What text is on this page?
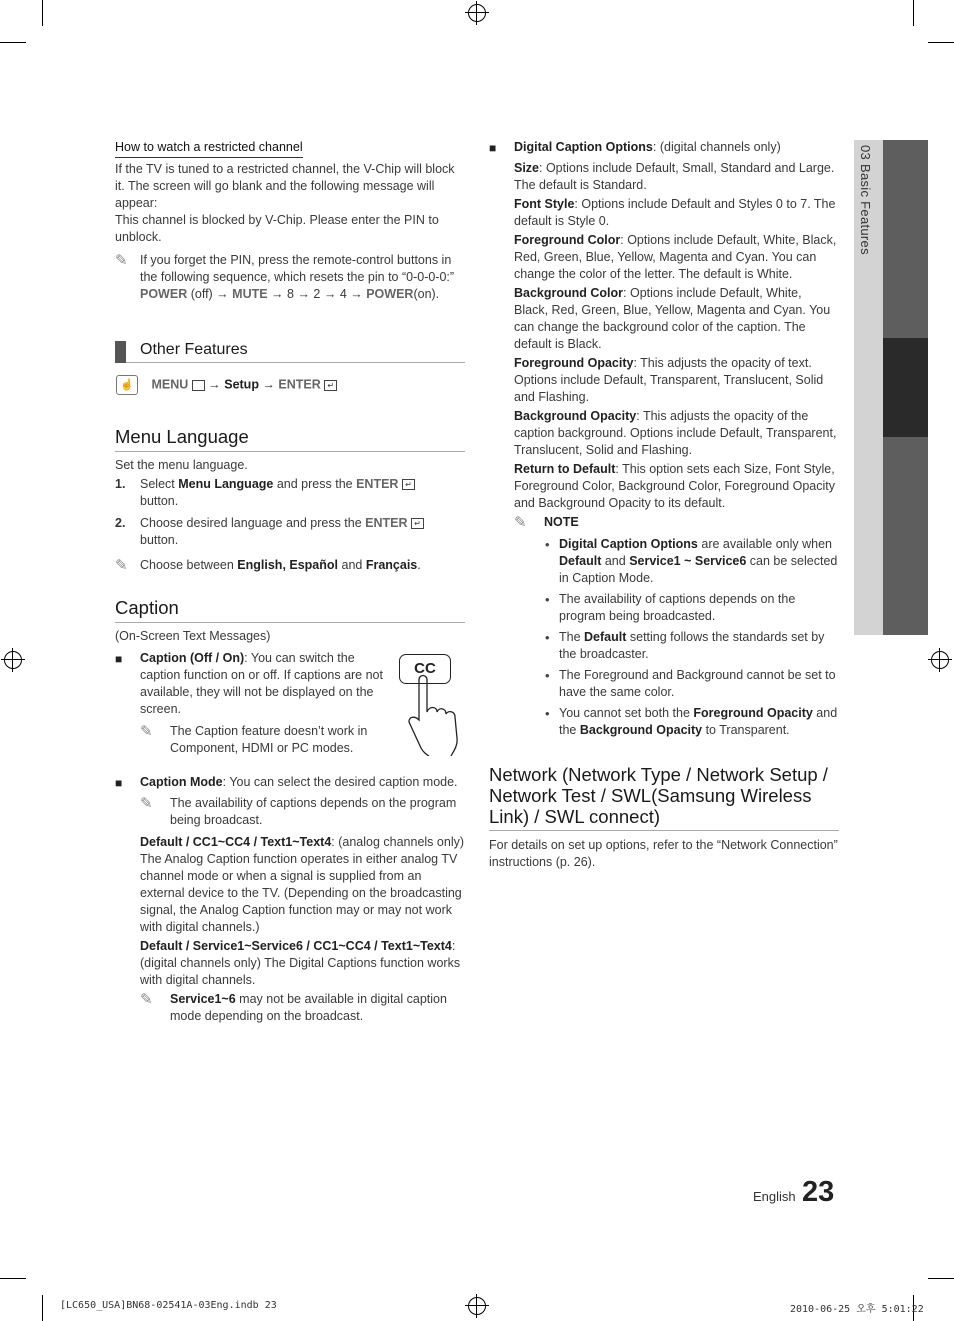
03 Basic Features
How to watch a restricted channel
If the TV is tuned to a restricted channel, the V-Chip will block it. The screen will go blank and the following message will appear:
This channel is blocked by V-Chip. Please enter the PIN to unblock.
✎ If you forget the PIN, press the remote-control buttons in the following sequence, which resets the pin to “0-0-0-0:” POWER (off) → MUTE → 8 → 2 → 4 → POWER(on).
Other Features
☝ MENU  → Setup → ENTER ↵
Menu Language
Set the menu language.
1. Select Menu Language and press the ENTER ↵
button.
2. Choose desired language and press the ENTER ↵
button.
✎ Choose between English, Español and Français.
Caption
(On-Screen Text Messages)
■ Caption (Off / On): You can switch the caption function on or off. If captions are not available, they will not be displayed on the screen.
✎ The Caption feature doesn’t work in Component, HDMI or PC modes.
■ Caption Mode: You can select the desired caption mode.

✎ The availability of captions depends on the program being broadcast.
Default / CC1~CC4 / Text1~Text4: (analog channels only) The Analog Caption function operates in either analog TV channel mode or when a signal is supplied from an external device to the TV. (Depending on the broadcasting signal, the Analog Caption function may or may not work with digital channels.)
Default / Service1~Service6 / CC1~CC4 / Text1~Text4: (digital channels only) The Digital Captions function works with digital channels.
✎ Service1~6 may not be available in digital caption mode depending on the broadcast.
CC
■ Digital Caption Options: (digital channels only)
Size: Options include Default, Small, Standard and Large. The default is Standard.
Font Style: Options include Default and Styles 0 to 7. The default is Style 0.
Foreground Color: Options include Default, White, Black, Red, Green, Blue, Yellow, Magenta and Cyan. You can change the color of the letter. The default is White.
Background Color: Options include Default, White, Black, Red, Green, Blue, Yellow, Magenta and Cyan. You can change the background color of the caption. The default is Black.
Foreground Opacity: This adjusts the opacity of text. Options include Default, Transparent, Translucent, Solid and Flashing.
Background Opacity: This adjusts the opacity of the caption background. Options include Default, Transparent, Translucent, Solid and Flashing.
Return to Default: This option sets each Size, Font Style, Foreground Color, Background Color, Foreground Opacity and Background Opacity to its default.
✎ NOTE
• Digital Caption Options are available only when Default and Service1 ~ Service6 can be selected in Caption Mode.
• The availability of captions depends on the program being broadcasted.
• The Default setting follows the standards set by the broadcaster.
• The Foreground and Background cannot be set to have the same color.
• You cannot set both the Foreground Opacity and the Background Opacity to Transparent.
Network (Network Type / Network Setup / Network Test / SWL(Samsung Wireless Link) / SWL connect)
For details on set up options, refer to the “Network Connection” instructions (p. 26).
English 23
[LC650_USA]BN68-02541A-03Eng.indb 23	2010-06-25 오후 5:01:22
